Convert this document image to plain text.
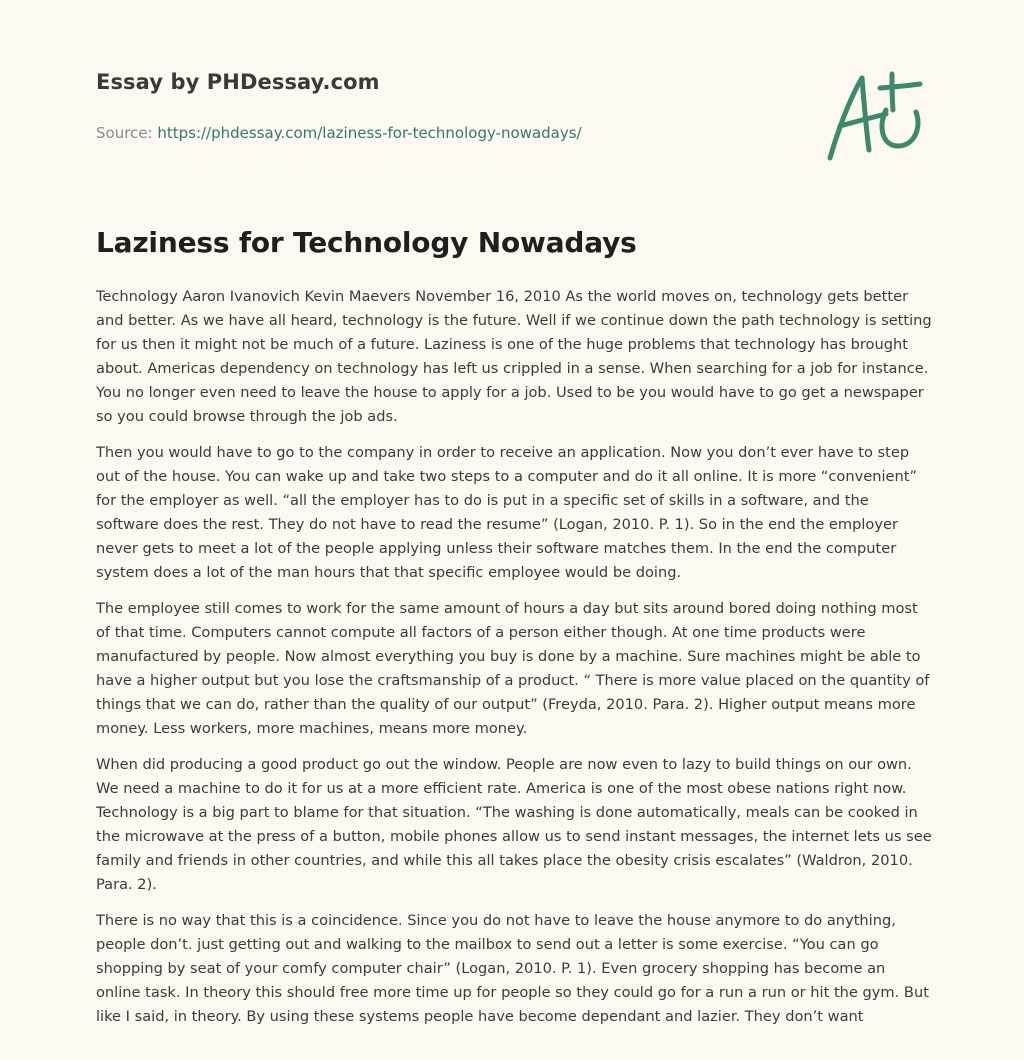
Essay by PHDessay.com
Source: https://phdessay.com/laziness-for-technology-nowadays/
Laziness for Technology Nowadays

Technology Aaron Ivanovich Kevin Maevers November 16, 2010 As the world moves on, technology gets better and better. As we have all heard, technology is the future. Well if we continue down the path technology is setting for us then it might not be much of a future. Laziness is one of the huge problems that technology has brought about. Americas dependency on technology has left us crippled in a sense. When searching for a job for instance. You no longer even need to leave the house to apply for a job. Used to be you would have to go get a newspaper so you could browse through the job ads.

Then you would have to go to the company in order to receive an application. Now you don’t ever have to step out of the house. You can wake up and take two steps to a computer and do it all online. It is more “convenient” for the employer as well. “all the employer has to do is put in a specific set of skills in a software, and the software does the rest. They do not have to read the resume” (Logan, 2010. P. 1). So in the end the employer never gets to meet a lot of the people applying unless their software matches them. In the end the computer system does a lot of the man hours that that specific employee would be doing.

The employee still comes to work for the same amount of hours a day but sits around bored doing nothing most of that time. Computers cannot compute all factors of a person either though. At one time products were manufactured by people. Now almost everything you buy is done by a machine. Sure machines might be able to have a higher output but you lose the craftsmanship of a product. “ There is more value placed on the quantity of things that we can do, rather than the quality of our output” (Freyda, 2010. Para. 2). Higher output means more money. Less workers, more machines, means more money.

When did producing a good product go out the window. People are now even to lazy to build things on our own. We need a machine to do it for us at a more efficient rate. America is one of the most obese nations right now. Technology is a big part to blame for that situation. “The washing is done automatically, meals can be cooked in the microwave at the press of a button, mobile phones allow us to send instant messages, the internet lets us see family and friends in other countries, and while this all takes place the obesity crisis escalates” (Waldron, 2010. Para. 2).

There is no way that this is a coincidence. Since you do not have to leave the house anymore to do anything, people don’t. just getting out and walking to the mailbox to send out a letter is some exercise. “You can go shopping by seat of your comfy computer chair” (Logan, 2010. P. 1). Even grocery shopping has become an online task. In theory this should free more time up for people so they could go for a run a run or hit the gym. But like I said, in theory. By using these systems people have become dependant and lazier. They don’t want
